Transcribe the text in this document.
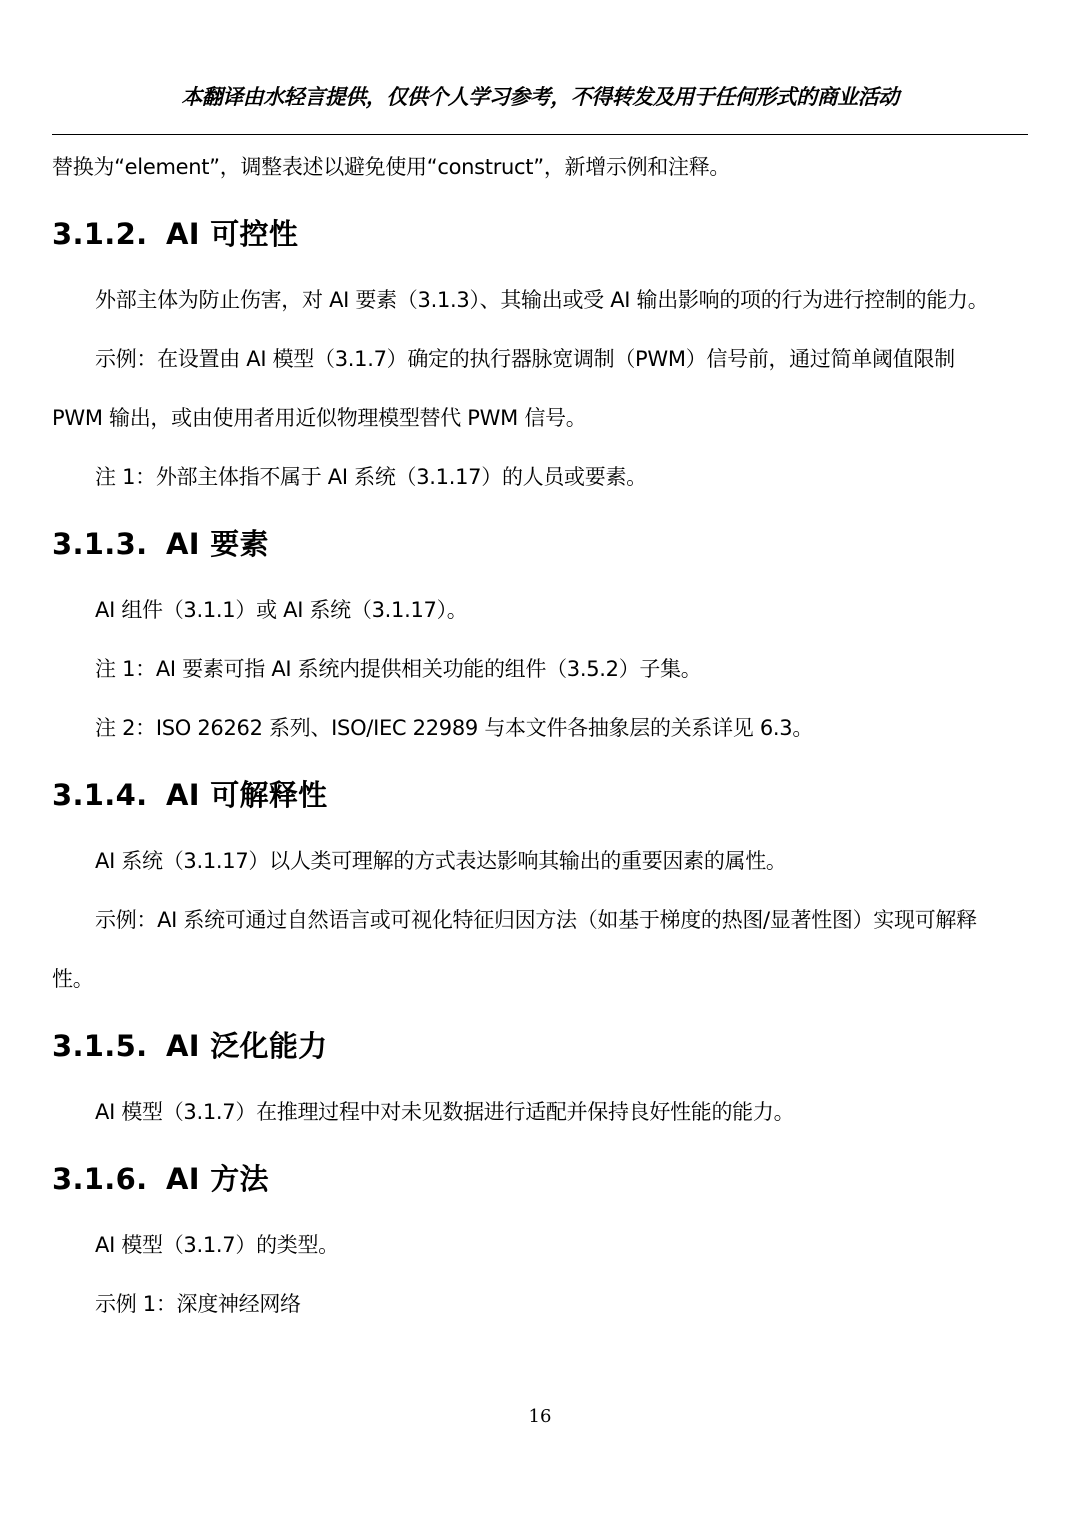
本翻译由水轻言提供，仅供个人学习参考，不得转发及用于任何形式的商业活动

替换为“element”，调整表述以避免使用“construct”，新增示例和注释。

3.1.2. AI 可控性

外部主体为防止伤害，对 AI 要素（3.1.3）、其输出或受 AI 输出影响的项的行为进行控制的能力。

示例：在设置由 AI 模型（3.1.7）确定的执行器脉宽调制（PWM）信号前，通过简单阈值限制

PWM 输出，或由使用者用近似物理模型替代 PWM 信号。

注 1：外部主体指不属于 AI 系统（3.1.17）的人员或要素。

3.1.3. AI 要素

AI 组件（3.1.1）或 AI 系统（3.1.17）。

注 1：AI 要素可指 AI 系统内提供相关功能的组件（3.5.2）子集。

注 2：ISO 26262 系列、ISO/IEC 22989 与本文件各抽象层的关系详见 6.3。

3.1.4. AI 可解释性

AI 系统（3.1.17）以人类可理解的方式表达影响其输出的重要因素的属性。

示例：AI 系统可通过自然语言或可视化特征归因方法（如基于梯度的热图/显著性图）实现可解释

性。

3.1.5. AI 泛化能力

AI 模型（3.1.7）在推理过程中对未见数据进行适配并保持良好性能的能力。

3.1.6. AI 方法

AI 模型（3.1.7）的类型。

示例 1：深度神经网络

16
